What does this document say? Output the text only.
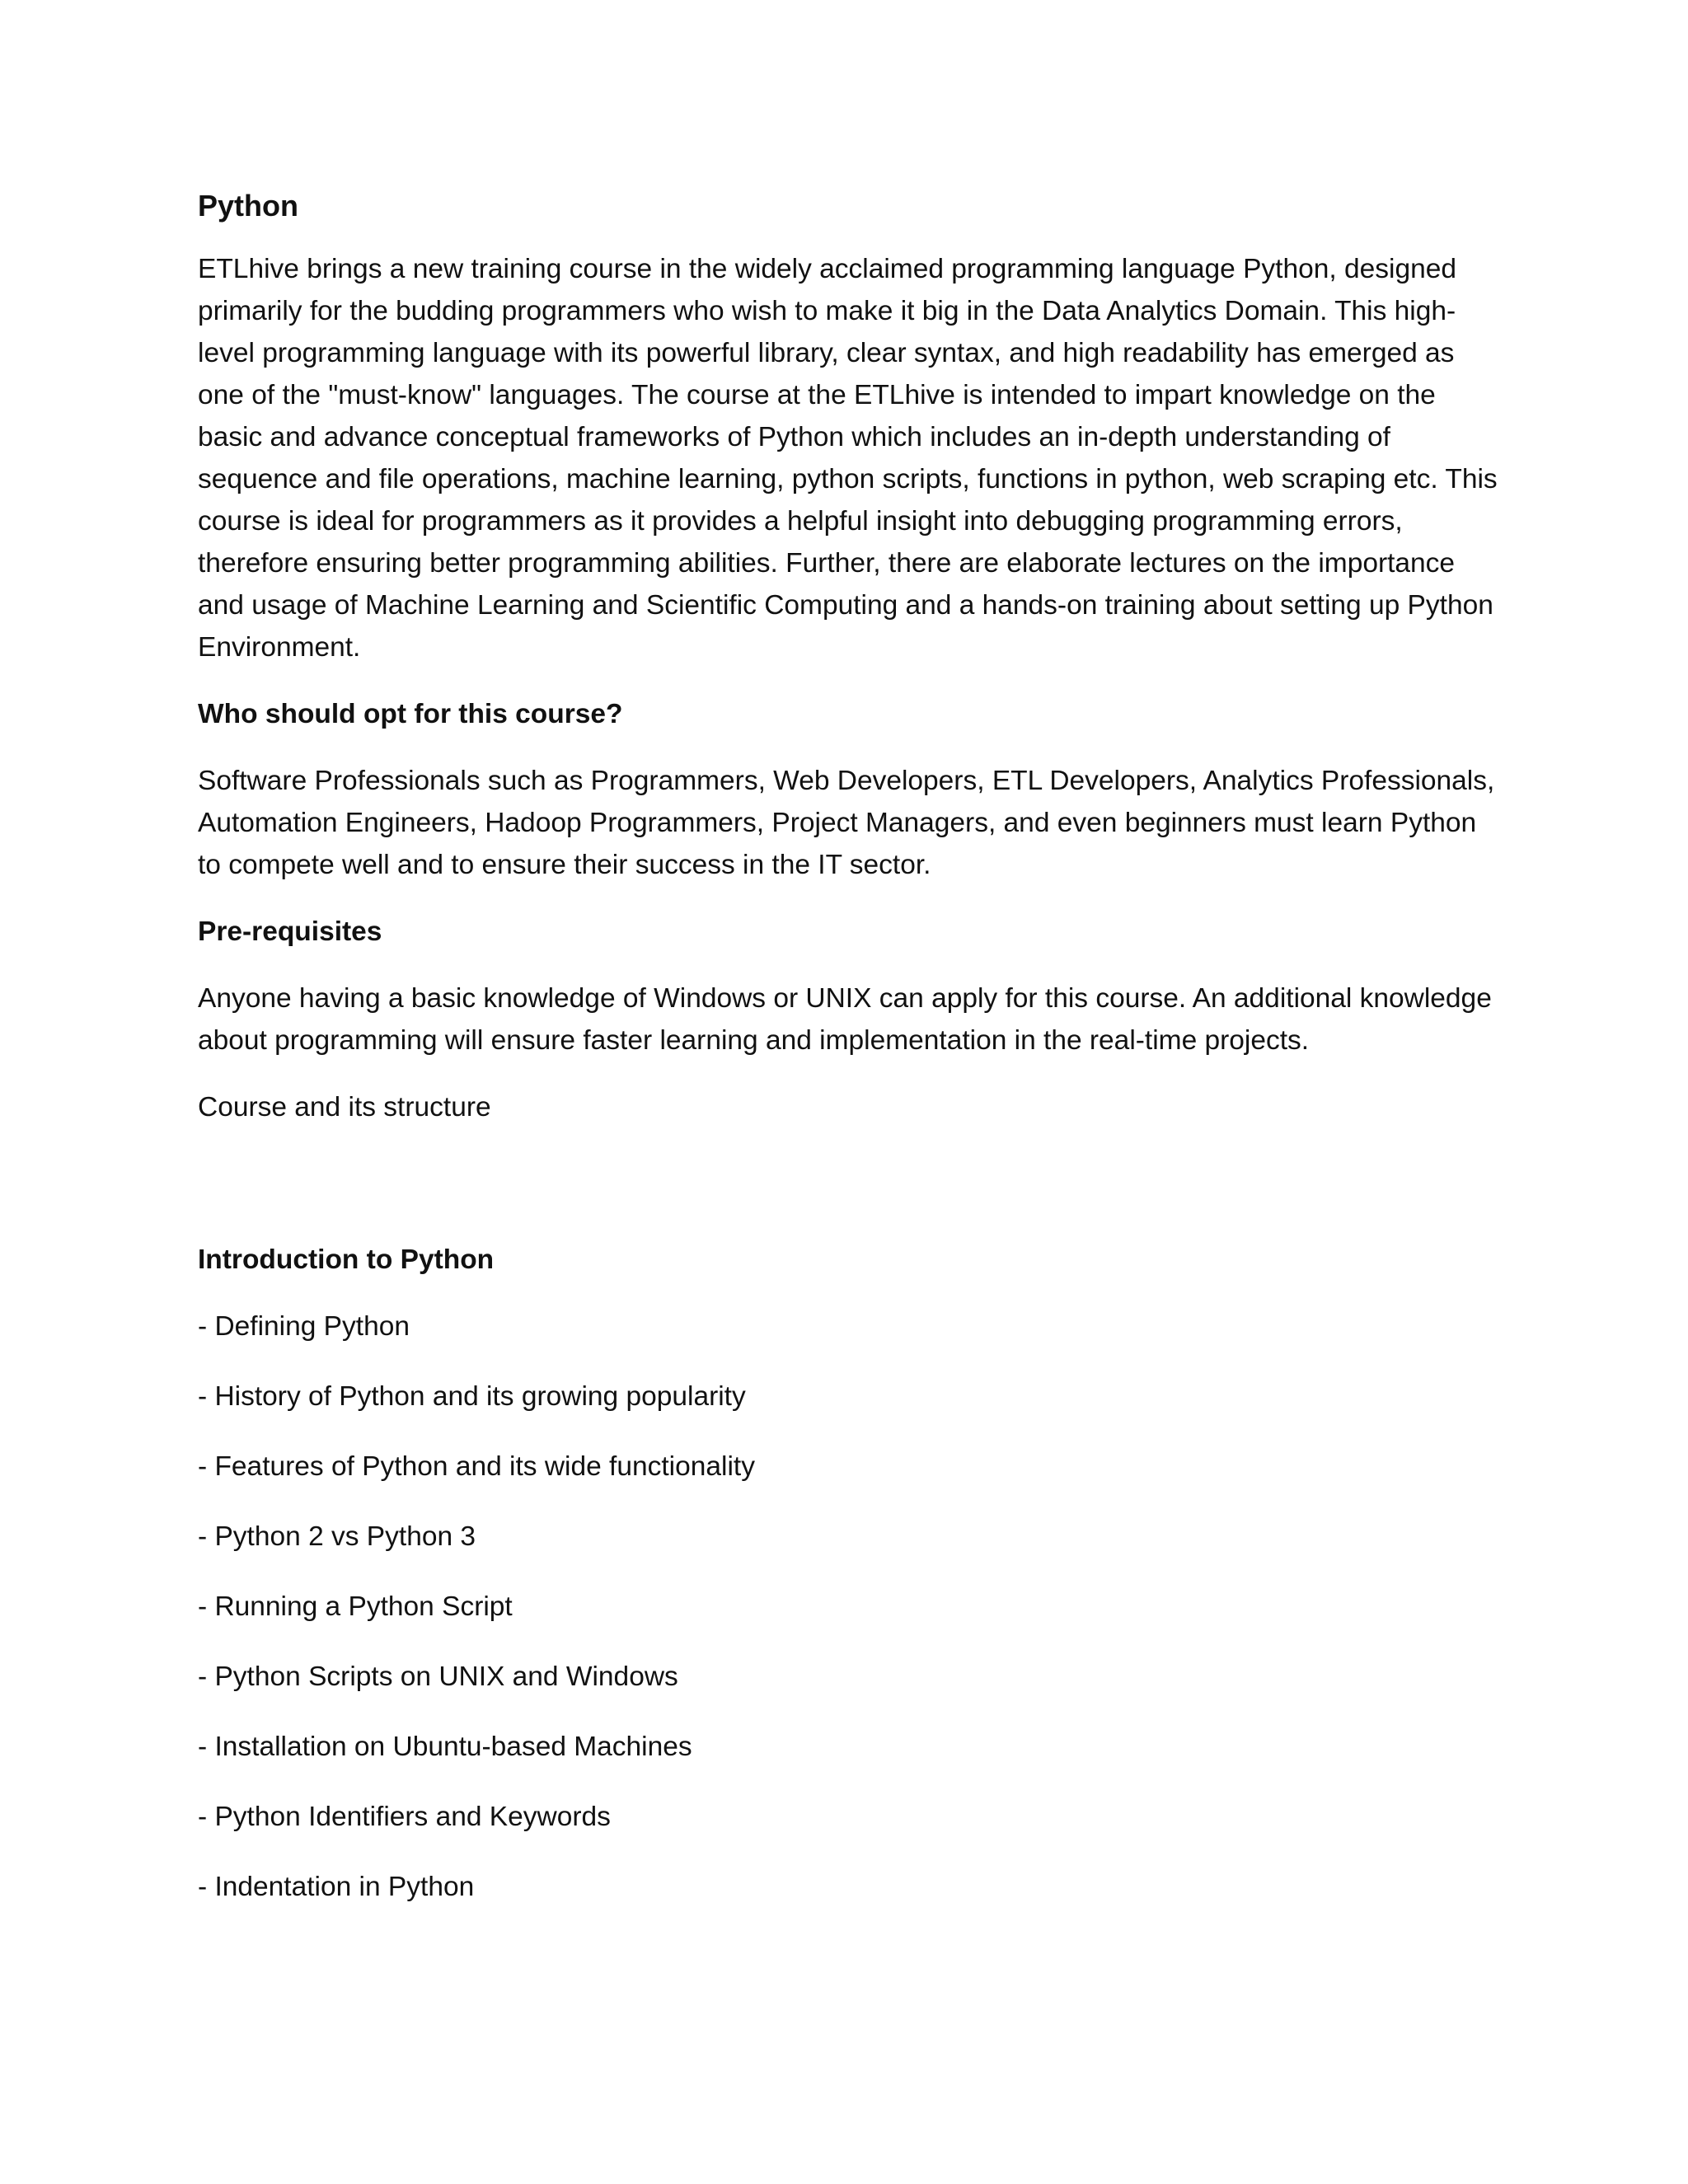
Python

ETLhive brings a new training course in the widely acclaimed programming language Python, designed primarily for the budding programmers who wish to make it big in the Data Analytics Domain. This high-level programming language with its powerful library, clear syntax, and high readability has emerged as one of the "must-know" languages. The course at the ETLhive is intended to impart knowledge on the basic and advance conceptual frameworks of Python which includes an in-depth understanding of sequence and file operations, machine learning, python scripts, functions in python, web scraping etc. This course is ideal for programmers as it provides a helpful insight into debugging programming errors, therefore ensuring better programming abilities. Further, there are elaborate lectures on the importance and usage of Machine Learning and Scientific Computing and a hands-on training about setting up Python Environment.

Who should opt for this course?

Software Professionals such as Programmers, Web Developers, ETL Developers, Analytics Professionals, Automation Engineers, Hadoop Programmers, Project Managers, and even beginners must learn Python to compete well and to ensure their success in the IT sector.

Pre-requisites

Anyone having a basic knowledge of Windows or UNIX can apply for this course. An additional knowledge about programming will ensure faster learning and implementation in the real-time projects.

Course and its structure

Introduction to Python
- Defining Python
- History of Python and its growing popularity
- Features of Python and its wide functionality
- Python 2 vs Python 3
- Running a Python Script
- Python Scripts on UNIX and Windows
- Installation on Ubuntu-based Machines
- Python Identifiers and Keywords
- Indentation in Python
